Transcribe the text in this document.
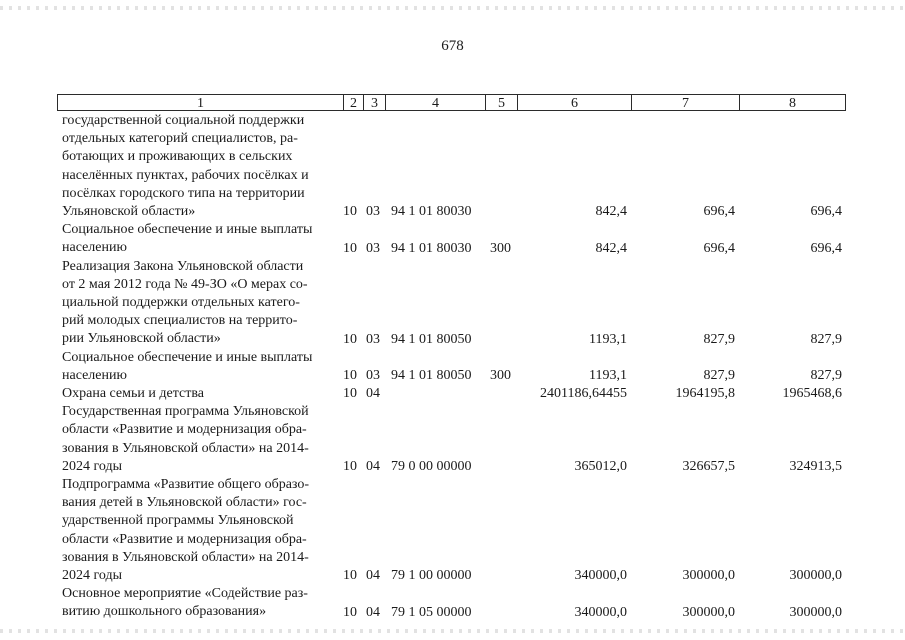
678
1	2	3	4	5	6	7	8
государственной социальной поддержки
отдельных категорий специалистов, ра-
ботающих и проживающих в сельских
населённых пунктах, рабочих посёлках и
посёлках городского типа на территории
Ульяновской области»	10 03 94 1 01 80030	842,4	696,4	696,4
Социальное обеспечение и иные выплаты
населению	10 03 94 1 01 80030 300	842,4	696,4	696,4
Реализация Закона Ульяновской области
от 2 мая 2012 года № 49-ЗО «О мерах со-
циальной поддержки отдельных катего-
рий молодых специалистов на террито-
рии Ульяновской области»	10 03 94 1 01 80050	1193,1	827,9	827,9
Социальное обеспечение и иные выплаты
населению	10 03 94 1 01 80050 300	1193,1	827,9	827,9
Охрана семьи и детства	10 04	2401186,64455	1964195,8	1965468,6
Государственная программа Ульяновской
области «Развитие и модернизация обра-
зования в Ульяновской области» на 2014-
2024 годы	10 04 79 0 00 00000	365012,0	326657,5	324913,5
Подпрограмма «Развитие общего образо-
вания детей в Ульяновской области» гос-
ударственной программы Ульяновской
области «Развитие и модернизация обра-
зования в Ульяновской области» на 2014-
2024 годы	10 04 79 1 00 00000	340000,0	300000,0	300000,0
Основное мероприятие «Содействие раз-
витию дошкольного образования»	10 04 79 1 05 00000	340000,0	300000,0	300000,0
